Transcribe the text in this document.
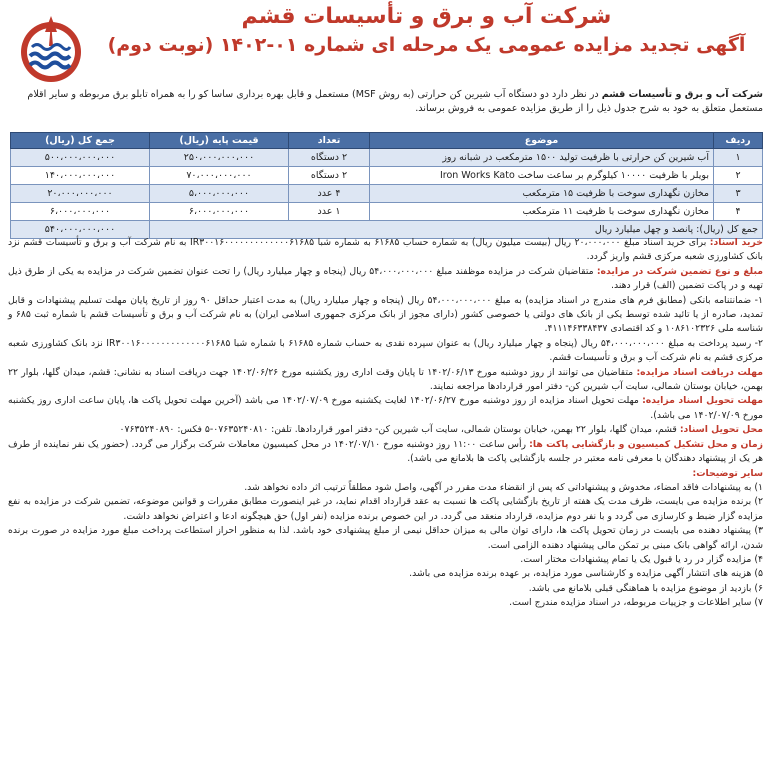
شرکت آب و برق و تأسیسات قشم
آگهی تجدید مزایده عمومی یک مرحله ای شماره ۰۱-۱۴۰۲ (نوبت دوم)
شرکت آب و برق و تأسیسات قشم در نظر دارد دو دستگاه آب شیرین کن حرارتی (به روش MSF) مستعمل و قابل بهره برداری ساسا کو را به همراه تابلو برق مربوطه و سایر اقلام مستعمل متعلق به خود به شرح جدول ذیل را از طریق مزایده عمومی به فروش برساند.
ردیف	موضوع	تعداد	قیمت پایه (ریال)	جمع کل (ریال)
۱	آب شیرین کن حرارتی با ظرفیت تولید ۱۵۰۰ مترمکعب در شبانه روز	۲ دستگاه	۲۵۰،۰۰۰،۰۰۰،۰۰۰	۵۰۰،۰۰۰،۰۰۰،۰۰۰
۲	بویلر با ظرفیت ۱۰۰۰۰ کیلوگرم بر ساعت ساخت Iron Works Kato	۲ دستگاه	۷۰،۰۰۰،۰۰۰،۰۰۰	۱۴۰،۰۰۰،۰۰۰،۰۰۰
۳	مخازن نگهداری سوخت با ظرفیت ۱۵ مترمکعب	۴ عدد	۵،۰۰۰،۰۰۰،۰۰۰	۲۰،۰۰۰،۰۰۰،۰۰۰
۴	مخازن نگهداری سوخت با ظرفیت ۱۱ مترمکعب	۱ عدد	۶،۰۰۰،۰۰۰،۰۰۰	۶،۰۰۰،۰۰۰،۰۰۰
جمع کل (ریال): پانصد و چهل میلیارد ریال				۵۴۰،۰۰۰،۰۰۰،۰۰۰

خرید اسناد: برای خرید اسناد مبلغ ۲۰،۰۰۰،۰۰۰ ریال (بیست میلیون ریال) به شماره حساب ۶۱۶۸۵ به شماره شبا IR۳۰۰۱۶۰۰۰۰۰۰۰۰۰۰۰۰۰۶۱۶۸۵ به نام شرکت آب و برق و تأسیسات قشم نزد بانک کشاورزی شعبه مرکزی قشم واریز گردد.

مبلغ و نوع تضمین شرکت در مزایده: متقاضیان شرکت در مزایده موظفند مبلغ ۵۴،۰۰۰،۰۰۰،۰۰۰ ریال (پنجاه و چهار میلیارد ریال) را تحت عنوان تضمین شرکت در مزایده به یکی از طرق ذیل تهیه و در پاکت تضمین (الف) قرار دهند.

۱- ضمانتنامه بانکی (مطابق فرم های مندرج در اسناد مزایده) به مبلغ ۵۴،۰۰۰،۰۰۰،۰۰۰ ریال (پنجاه و چهار میلیارد ریال) به مدت اعتبار حداقل ۹۰ روز از تاریخ پایان مهلت تسلیم پیشنهادات و قابل تمدید، صادره از یا تائید شده توسط یکی از بانک های دولتی یا خصوصی کشور (دارای مجوز از بانک مرکزی جمهوری اسلامی ایران) به نام شرکت آب و برق و تأسیسات قشم با شماره ثبت ۶۸۵ و شناسه ملی ۱۰۸۶۱۰۲۳۲۶ و کد اقتصادی ۴۱۱۱۴۶۳۳۸۴۳۷.

۲- رسید پرداخت به مبلغ ۵۴،۰۰۰،۰۰۰،۰۰۰ ریال (پنجاه و چهار میلیارد ریال) به عنوان سپرده نقدی به حساب شماره ۶۱۶۸۵ با شماره شبا IR۳۰۰۱۶۰۰۰۰۰۰۰۰۰۰۰۰۰۶۱۶۸۵ نزد بانک کشاورزی شعبه مرکزی قشم به نام شرکت آب و برق و تأسیسات قشم.

مهلت دریافت اسناد مزایده: متقاضیان می توانند از روز دوشنبه مورخ ۱۴۰۲/۰۶/۱۳ تا پایان وقت اداری روز یکشنبه مورخ ۱۴۰۲/۰۶/۲۶ جهت دریافت اسناد به نشانی: قشم، میدان گلها، بلوار ۲۲ بهمن، خیابان بوستان شمالی، سایت آب شیرین کن- دفتر امور قراردادها مراجعه نمایند.

مهلت تحویل اسناد مزایده: مهلت تحویل اسناد مزایده از روز دوشنبه مورخ ۱۴۰۲/۰۶/۲۷ لغایت یکشنبه مورخ ۱۴۰۲/۰۷/۰۹ می باشد (آخرین مهلت تحویل پاکت ها، پایان ساعت اداری روز یکشنبه مورخ ۱۴۰۲/۰۷/۰۹ می باشد).

محل تحویل اسناد: قشم، میدان گلها، بلوار ۲۲ بهمن، خیابان بوستان شمالی، سایت آب شیرین کن- دفتر امور قراردادها. تلفن: ۰۷۶۳۵۲۴۰۸۱۰-۵ فکس: ۰۷۶۳۵۲۴۰۸۹۰

زمان و محل تشکیل کمیسیون و بازگشایی پاکت ها: رأس ساعت ۱۱:۰۰ روز دوشنبه مورخ ۱۴۰۲/۰۷/۱۰ در محل کمیسیون معاملات شرکت برگزار می گردد. (حضور یک نفر نماینده از طرف هر یک از پیشنهاد دهندگان با معرفی نامه معتبر در جلسه بازگشایی پاکت ها بلامانع می باشد).

سایر توضیحات:

۱) به پیشنهادات فاقد امضاء، مخدوش و پیشنهاداتی که پس از انقضاء مدت مقرر در آگهی، واصل شود مطلقاً ترتیب اثر داده نخواهد شد.

۲) برنده مزایده می بایست، ظرف مدت یک هفته از تاریخ بازگشایی پاکت ها نسبت به عقد قرارداد اقدام نماید، در غیر اینصورت مطابق مقررات و قوانین موضوعه، تضمین شرکت در مزایده به نفع مزایده گزار ضبط و کارسازی می گردد و با نفر دوم مزایده، قرارداد منعقد می گردد. در این خصوص برنده مزایده (نفر اول) حق هیچگونه ادعا و اعتراض نخواهد داشت.

۳) پیشنهاد دهنده می بایست در زمان تحویل پاکت ها، دارای توان مالی به میزان حداقل نیمی از مبلغ پیشنهادی خود باشد. لذا به منظور احراز استطاعت پرداخت مبلغ مورد مزایده در صورت برنده شدن، ارائه گواهی بانک مبنی بر تمکن مالی پیشنهاد دهنده الزامی است.

۴) مزایده گزار در رد یا قبول یک یا تمام پیشنهادات مختار است.

۵) هزینه های انتشار آگهی مزایده و کارشناسی مورد مزایده، بر عهده برنده مزایده می باشد.

۶) بازدید از موضوع مزایده با هماهنگی قبلی بلامانع می باشد.

۷) سایر اطلاعات و جزییات مربوطه، در اسناد مزایده مندرج است.
